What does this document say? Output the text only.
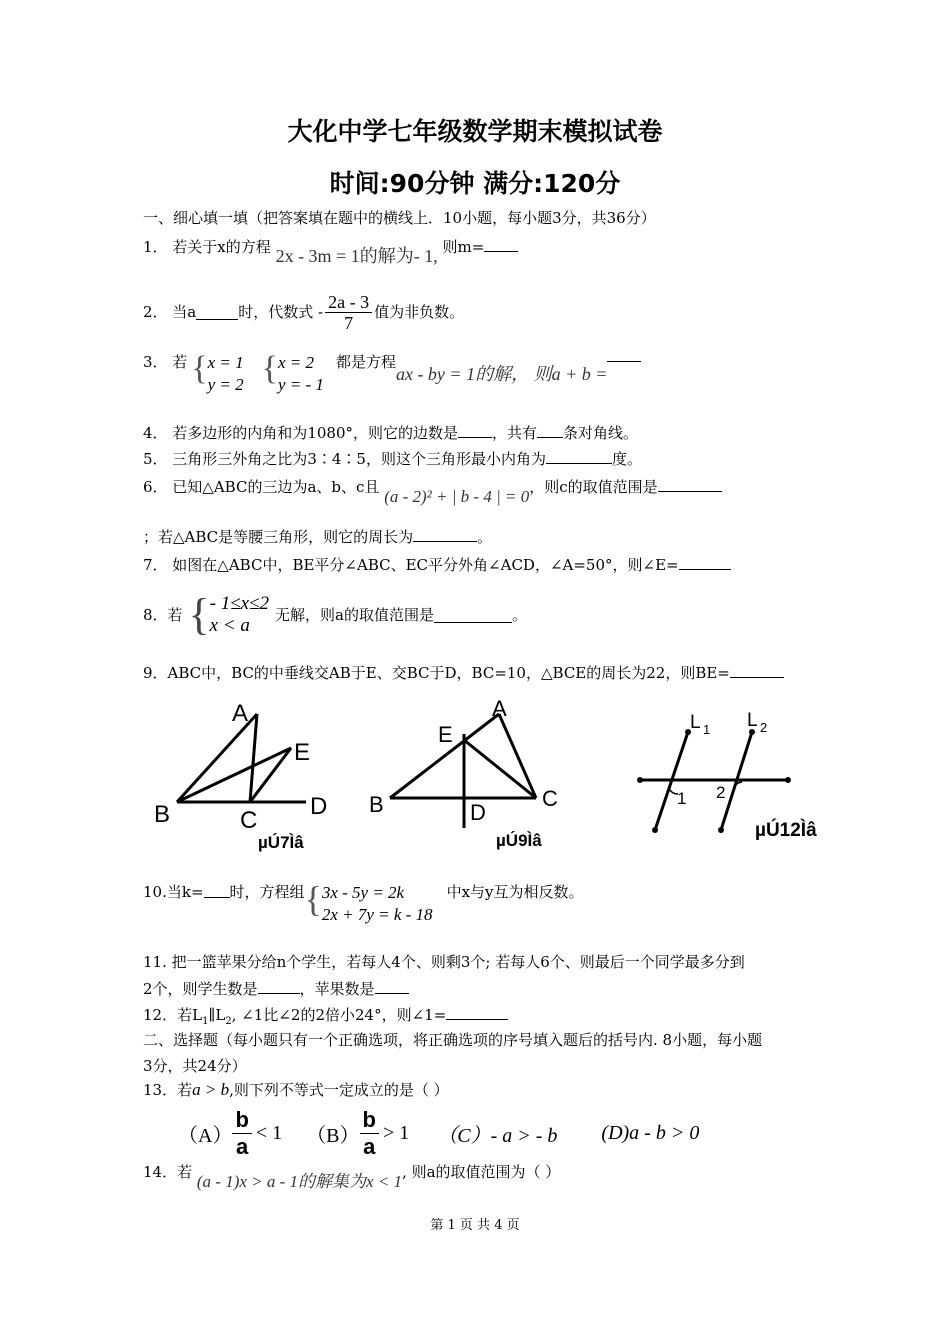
大化中学七年级数学期末模拟试卷
时间:90分钟 满分:120分
一、细心填一填（把答案填在题中的横线上．10小题，每小题3分，共36分）
1． 若关于x的方程 2x - 3m = 1的解为- 1, 则m=
2． 当a	时，代数式 - $\frac{2a - 3}{7}$ 值为非负数。
3． 若 { x = 1
y = 2 { x = 2
y = - 1
都是方程
ax - by = 1的解， 则a + b =
4． 若多边形的内角和为1080°，则它的边数是 ，共有 条对角线。
5． 三角形三外角之比为3∶4∶5，则这个三角形最小内角为	度。
6． 已知△ABC的三边为a、b、c且 (a - 2)² + | b - 4 | = 0，则c的取值范围是
；若△ABC是等腰三角形，则它的周长为	。
7． 如图在△ABC中，BE平分∠ABC、EC平分外角∠ACD，∠A=50°，则∠E=
8．若 { - 1≤x≤2
x < a	无解，则a的取值范围是	。
9．ABC中，BC的中垂线交AB于E、交BC于D，BC=10，△BCE的周长为22，则BE=
A
E
B	C
D
µÚ7Ìâ
A
E
B	D
C
µÚ9Ìâ
L 1 L 2
1 2
µÚ12Ìâ
10.当k= 时，方程组 { 3x - 5y = 2k
2x + 7y = k - 18
中x与y互为相反数。
11. 把一篮苹果分给n个学生，若每人4个、则剩3个; 若每人6个、则最后一个同学最多分到
2个，则学生数是	，苹果数是
12．若$L_1\parallel L_2$, ∠1比∠2的2倍小24°，则∠1=
二、选择题（每小题只有一个正确选项，将正确选项的序号填入题后的括号内. 8小题，每小题
3分，共24分）
13．若a > b,则下列不等式一定成立的是（ ）
$(A) \frac{b}{a} < 1$ $(B) \frac{b}{a} > 1$ （C）- a > - b (D)a - b > 0
14．若 (a - 1)x > a - 1的解集为x < 1, 则a的取值范围为（ ）
第 1 页 共 4 页
